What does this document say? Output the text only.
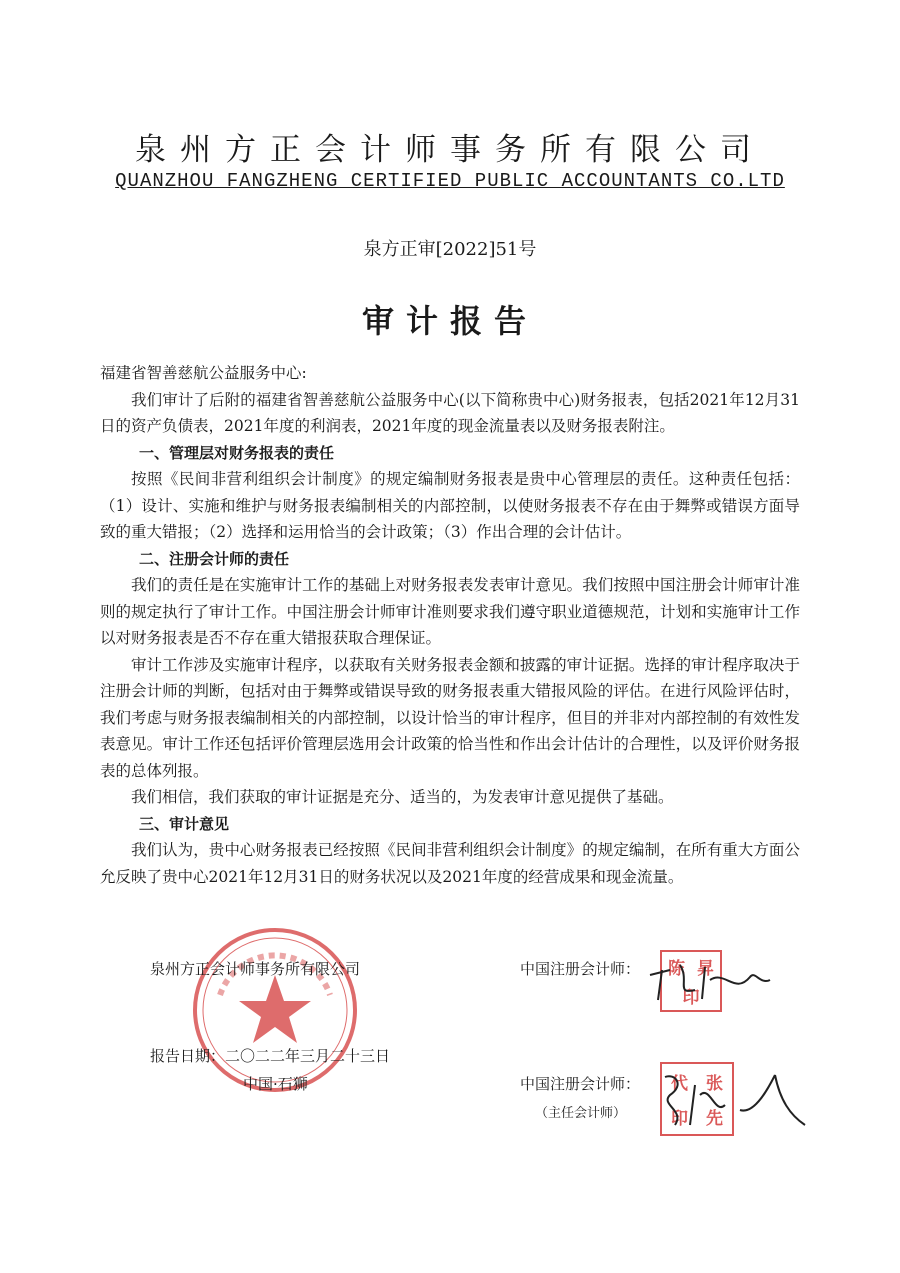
泉州方正会计师事务所有限公司
QUANZHOU FANGZHENG CERTIFIED PUBLIC ACCOUNTANTS CO.LTD
泉方正审[2022]51号
审计报告

福建省智善慈航公益服务中心:

我们审计了后附的福建省智善慈航公益服务中心(以下简称贵中心)财务报表，包括2021年12月31日的资产负债表，2021年度的利润表，2021年度的现金流量表以及财务报表附注。

一、管理层对财务报表的责任

按照《民间非营利组织会计制度》的规定编制财务报表是贵中心管理层的责任。这种责任包括：（1）设计、实施和维护与财务报表编制相关的内部控制，以使财务报表不存在由于舞弊或错误方面导致的重大错报；（2）选择和运用恰当的会计政策；（3）作出合理的会计估计。

二、注册会计师的责任

我们的责任是在实施审计工作的基础上对财务报表发表审计意见。我们按照中国注册会计师审计准则的规定执行了审计工作。中国注册会计师审计准则要求我们遵守职业道德规范，计划和实施审计工作以对财务报表是否不存在重大错报获取合理保证。

审计工作涉及实施审计程序，以获取有关财务报表金额和披露的审计证据。选择的审计程序取决于注册会计师的判断，包括对由于舞弊或错误导致的财务报表重大错报风险的评估。在进行风险评估时，我们考虑与财务报表编制相关的内部控制，以设计恰当的审计程序，但目的并非对内部控制的有效性发表意见。审计工作还包括评价管理层选用会计政策的恰当性和作出会计估计的合理性，以及评价财务报表的总体列报。

我们相信，我们获取的审计证据是充分、适当的，为发表审计意见提供了基础。

三、审计意见

我们认为，贵中心财务报表已经按照《民间非营利组织会计制度》的规定编制，在所有重大方面公允反映了贵中心2021年12月31日的财务状况以及2021年度的经营成果和现金流量。

泉州方正会计师事务所有限公司
报告日期：二〇二二年三月二十三日
中国·石狮
中国注册会计师：
中国注册会计师：
（主任会计师）
陈 昇
印
代	张
印	先
